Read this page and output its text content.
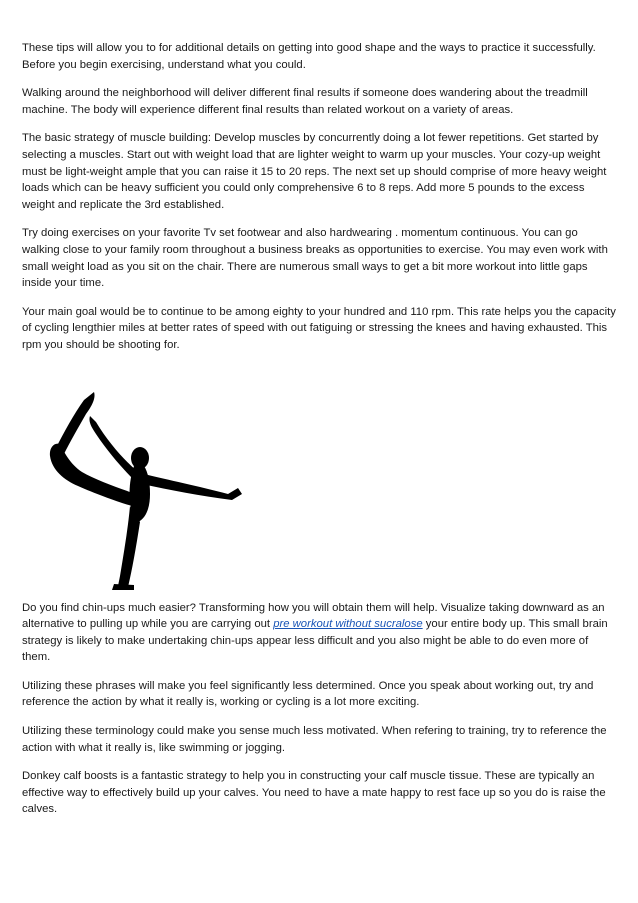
These tips will allow you to for additional details on getting into good shape and the ways to practice it successfully. Before you begin exercising, understand what you could.

Walking around the neighborhood will deliver different final results if someone does wandering about the treadmill machine. The body will experience different final results than related workout on a variety of areas.

The basic strategy of muscle building: Develop muscles by concurrently doing a lot fewer repetitions. Get started by selecting a muscles. Start out with weight load that are lighter weight to warm up your muscles. Your cozy-up weight must be light-weight ample that you can raise it 15 to 20 reps. The next set up should comprise of more heavy weight loads which can be heavy sufficient you could only comprehensive 6 to 8 reps. Add more 5 pounds to the excess weight and replicate the 3rd established.

Try doing exercises on your favorite Tv set footwear and also hardwearing . momentum continuous. You can go walking close to your family room throughout a business breaks as opportunities to exercise. You may even work with small weight load as you sit on the chair. There are numerous small ways to get a bit more workout into little gaps inside your time.

Your main goal would be to continue to be among eighty to your hundred and 110 rpm. This rate helps you the capacity of cycling lengthier miles at better rates of speed with out fatiguing or stressing the knees and having exhausted. This rpm you should be shooting for.

Do you find chin-ups much easier? Transforming how you will obtain them will help. Visualize taking downward as an alternative to pulling up while you are carrying out pre workout without sucralose your entire body up. This small brain strategy is likely to make undertaking chin-ups appear less difficult and you also might be able to do even more of them.

Utilizing these phrases will make you feel significantly less determined. Once you speak about working out, try and reference the action by what it really is, working or cycling is a lot more exciting.

Utilizing these terminology could make you sense much less motivated. When refering to training, try to reference the action with what it really is, like swimming or jogging.

Donkey calf boosts is a fantastic strategy to help you in constructing your calf muscle tissue. These are typically an effective way to effectively build up your calves. You need to have a mate happy to rest face up so you do is raise the calves.
